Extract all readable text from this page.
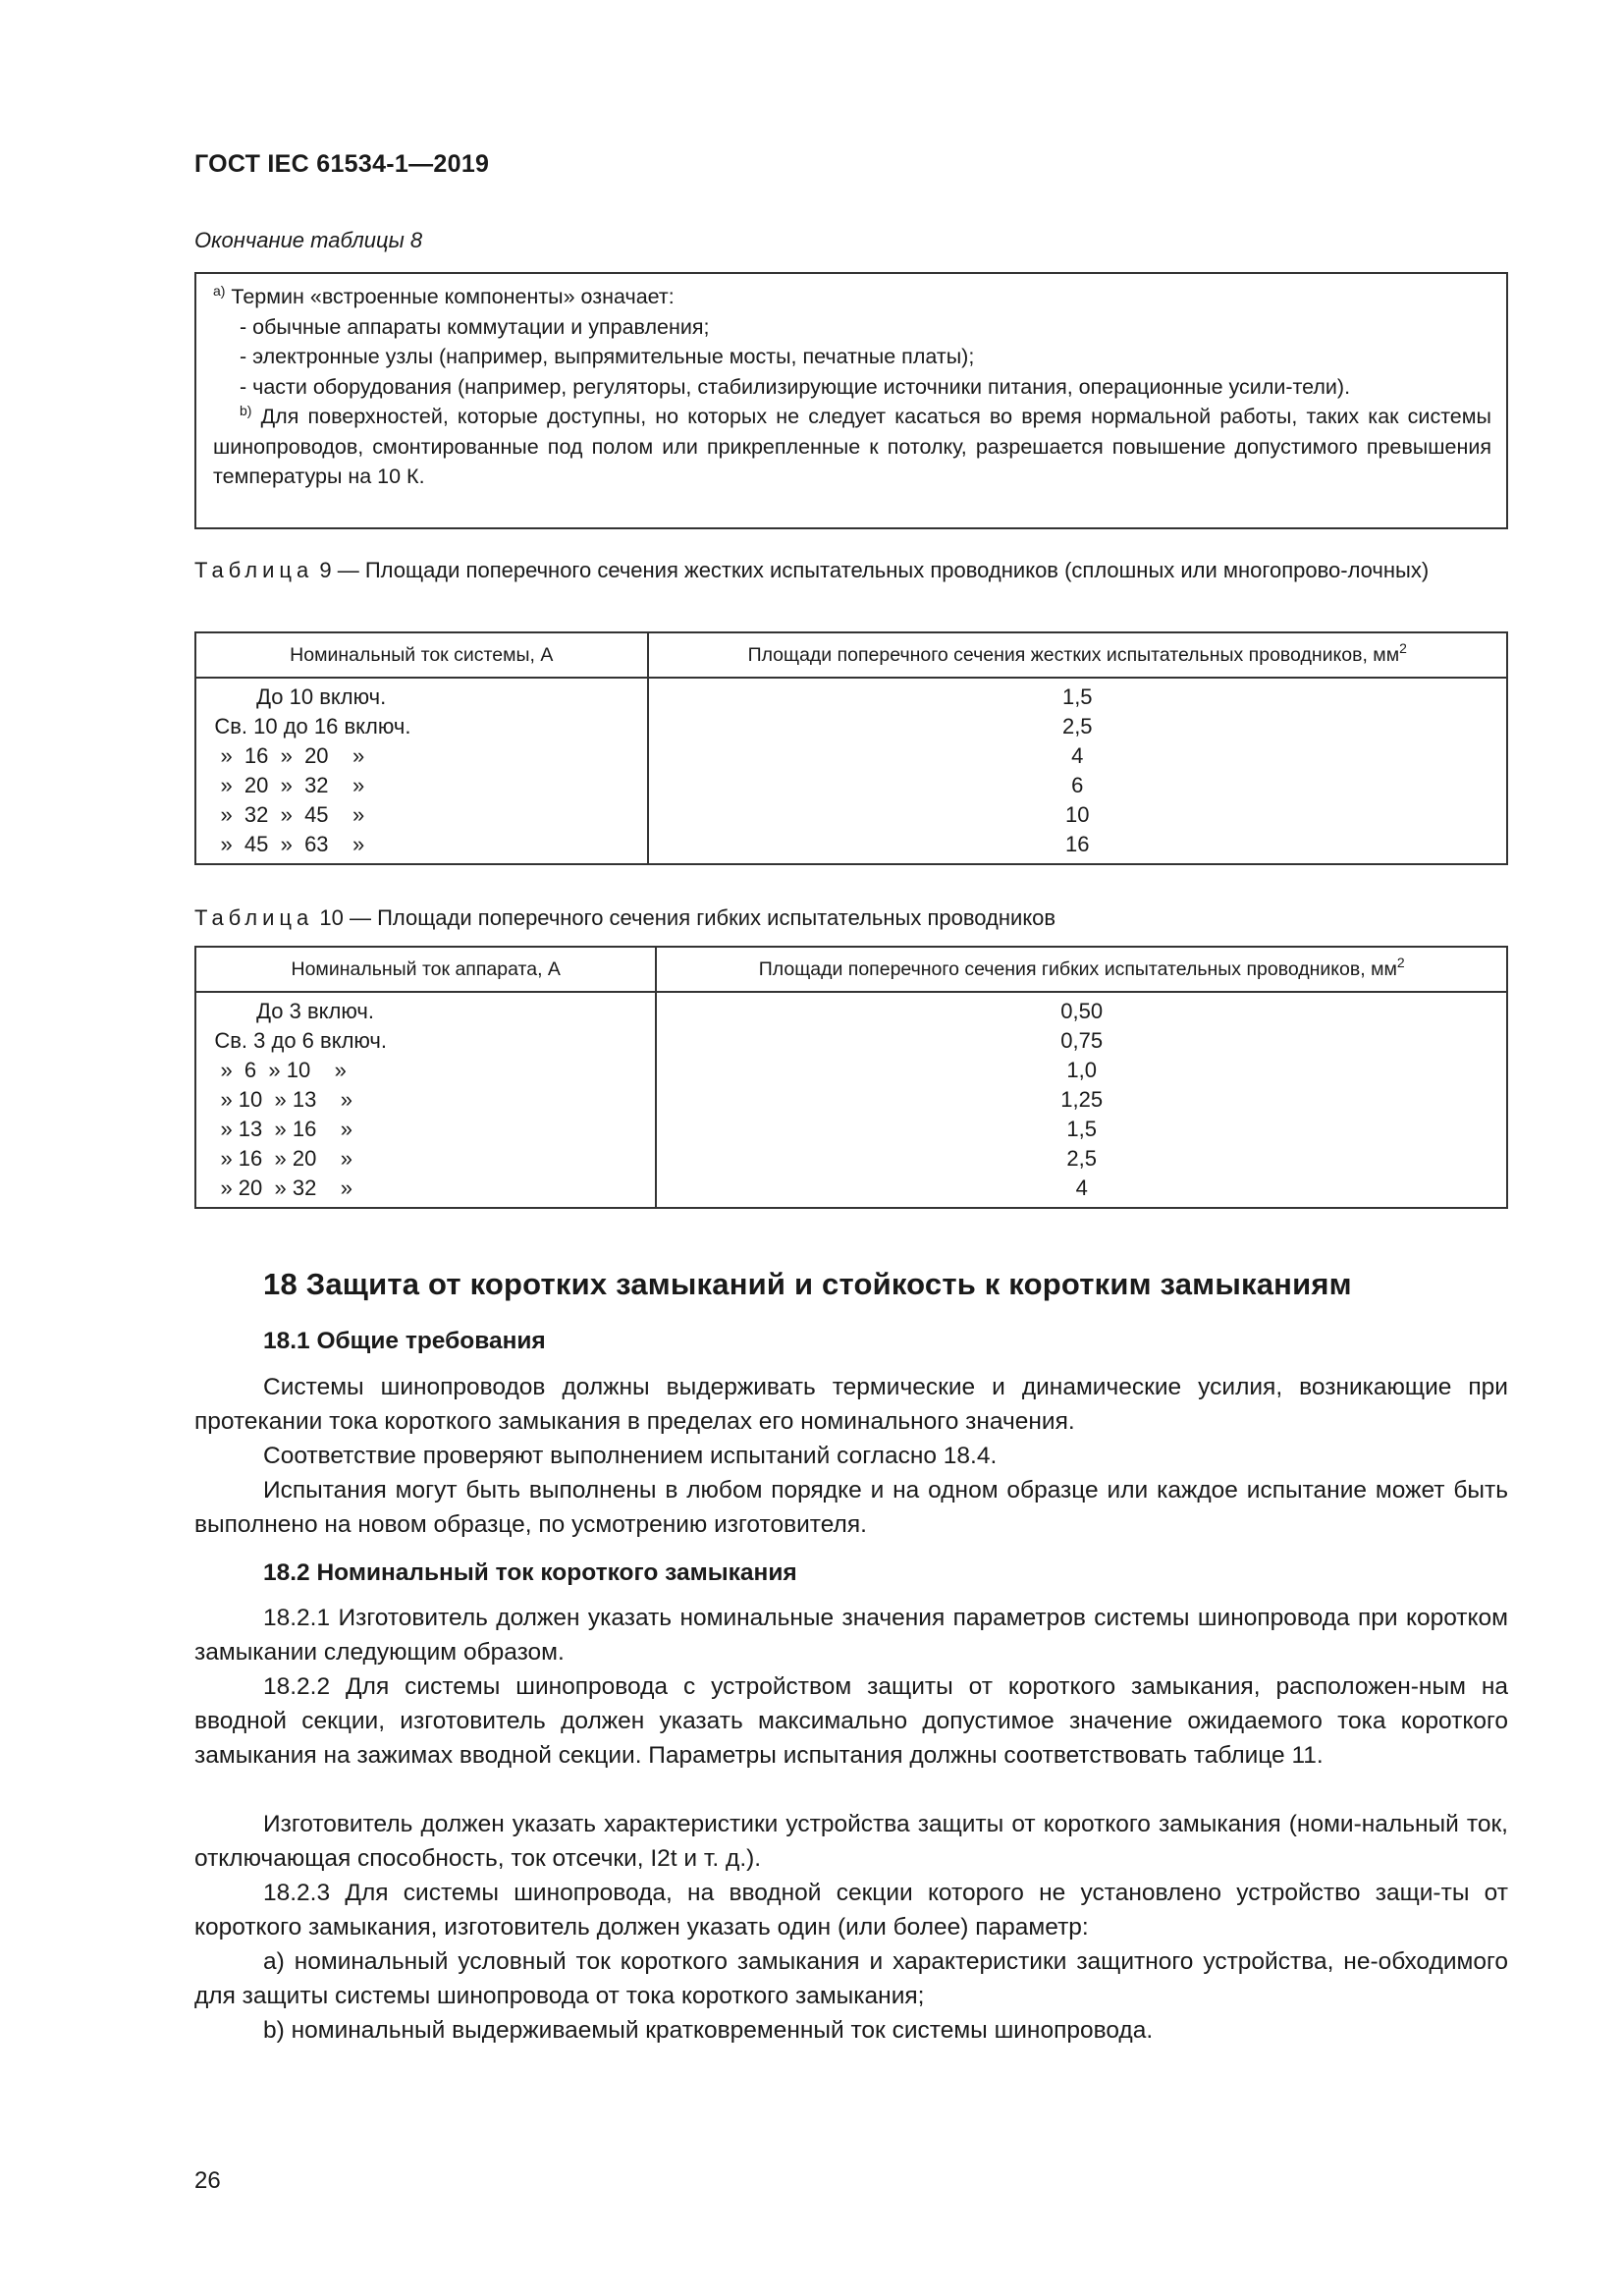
ГОСТ IEC 61534-1—2019
Окончание таблицы 8

$^{a)}$ Термин «встроенные компоненты» означает:

- обычные аппараты коммутации и управления;

- электронные узлы (например, выпрямительные мосты, печатные платы);

- части оборудования (например, регуляторы, стабилизирующие источники питания, операционные усили-тели).

$^{b)}$ Для поверхностей, которые доступны, но которых не следует касаться во время нормальной работы, таких как системы шинопроводов, смонтированные под полом или прикрепленные к потолку, разрешается повышение допустимого превышения температуры на 10 К.

Таблица 9 — Площади поперечного сечения жестких испытательных проводников (сплошных или многопрово-лочных)
Номинальный ток системы, А	Площади поперечного сечения жестких испытательных проводников, $мм^2$

До 10 включ.	1,5
Св. 10 до 16 включ.	2,5
»  16  »  20    »	4
»  20  »  32    »	6
»  32  »  45    »	10
»  45  »  63    »	16
Таблица 10 — Площади поперечного сечения гибких испытательных проводников
Номинальный ток аппарата, А	Площади поперечного сечения гибких испытательных проводников, $мм^2$

До 3 включ.	0,50
Св. 3 до 6 включ.	0,75
»  6  » 10    »	1,0
» 10  » 13    »	1,25
» 13  » 16    »	1,5
» 16  » 20    »	2,5
» 20  » 32    »	4
18 Защита от коротких замыканий и стойкость к коротким замыканиям
18.1 Общие требования
Системы шинопроводов должны выдерживать термические и динамические усилия, возникающие при протекании тока короткого замыкания в пределах его номинального значения.
Соответствие проверяют выполнением испытаний согласно 18.4.
Испытания могут быть выполнены в любом порядке и на одном образце или каждое испытание может быть выполнено на новом образце, по усмотрению изготовителя.
18.2 Номинальный ток короткого замыкания
18.2.1 Изготовитель должен указать номинальные значения параметров системы шинопровода при коротком замыкании следующим образом.
18.2.2 Для системы шинопровода с устройством защиты от короткого замыкания, расположен-ным на вводной секции, изготовитель должен указать максимально допустимое значение ожидаемого тока короткого замыкания на зажимах вводной секции. Параметры испытания должны соответствовать таблице 11.
Изготовитель должен указать характеристики устройства защиты от короткого замыкания (номи-нальный ток, отключающая способность, ток отсечки, I2t и т. д.).
18.2.3 Для системы шинопровода, на вводной секции которого не установлено устройство защи-ты от короткого замыкания, изготовитель должен указать один (или более) параметр:
a) номинальный условный ток короткого замыкания и характеристики защитного устройства, не-обходимого для защиты системы шинопровода от тока короткого замыкания;
b) номинальный выдерживаемый кратковременный ток системы шинопровода.
26
